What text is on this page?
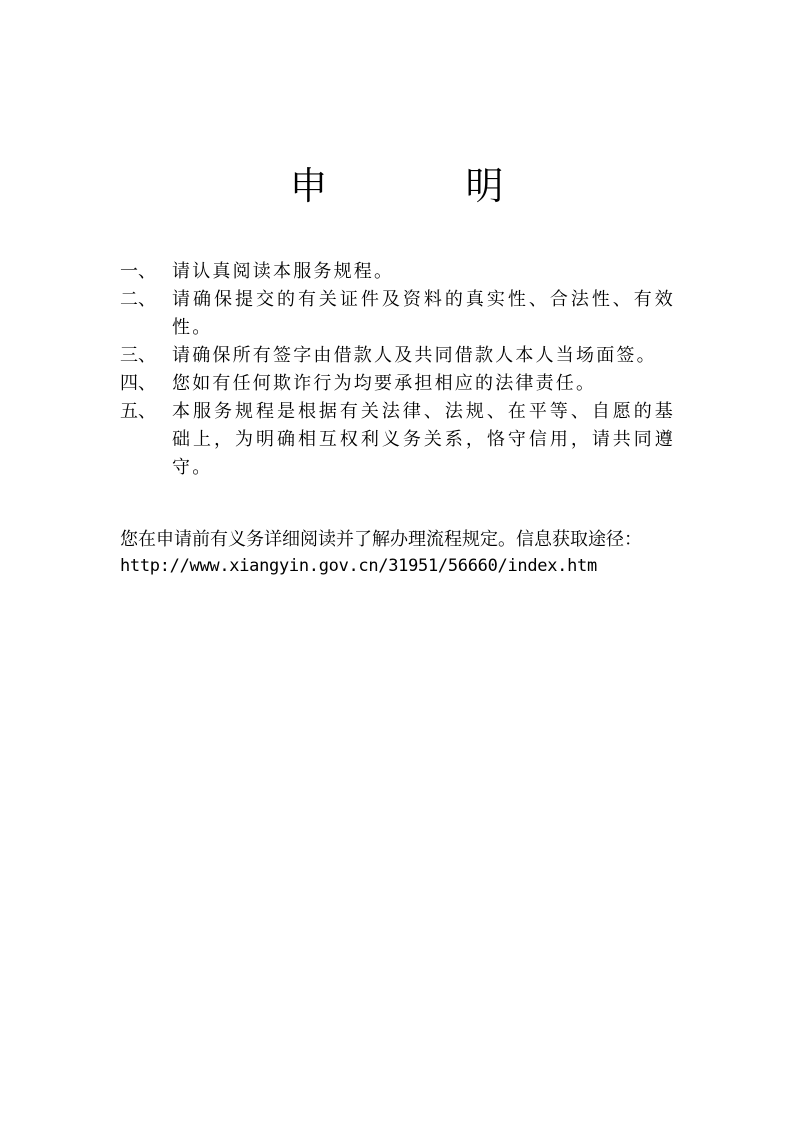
申　明
一、 请认真阅读本服务规程。
二、 请确保提交的有关证件及资料的真实性、合法性、有效性。
三、 请确保所有签字由借款人及共同借款人本人当场面签。
四、 您如有任何欺诈行为均要承担相应的法律责任。
五、 本服务规程是根据有关法律、法规、在平等、自愿的基础上，为明确相互权利义务关系，恪守信用，请共同遵守。

您在申请前有义务详细阅读并了解办理流程规定。信息获取途径：
http://www.xiangyin.gov.cn/31951/56660/index.htm
